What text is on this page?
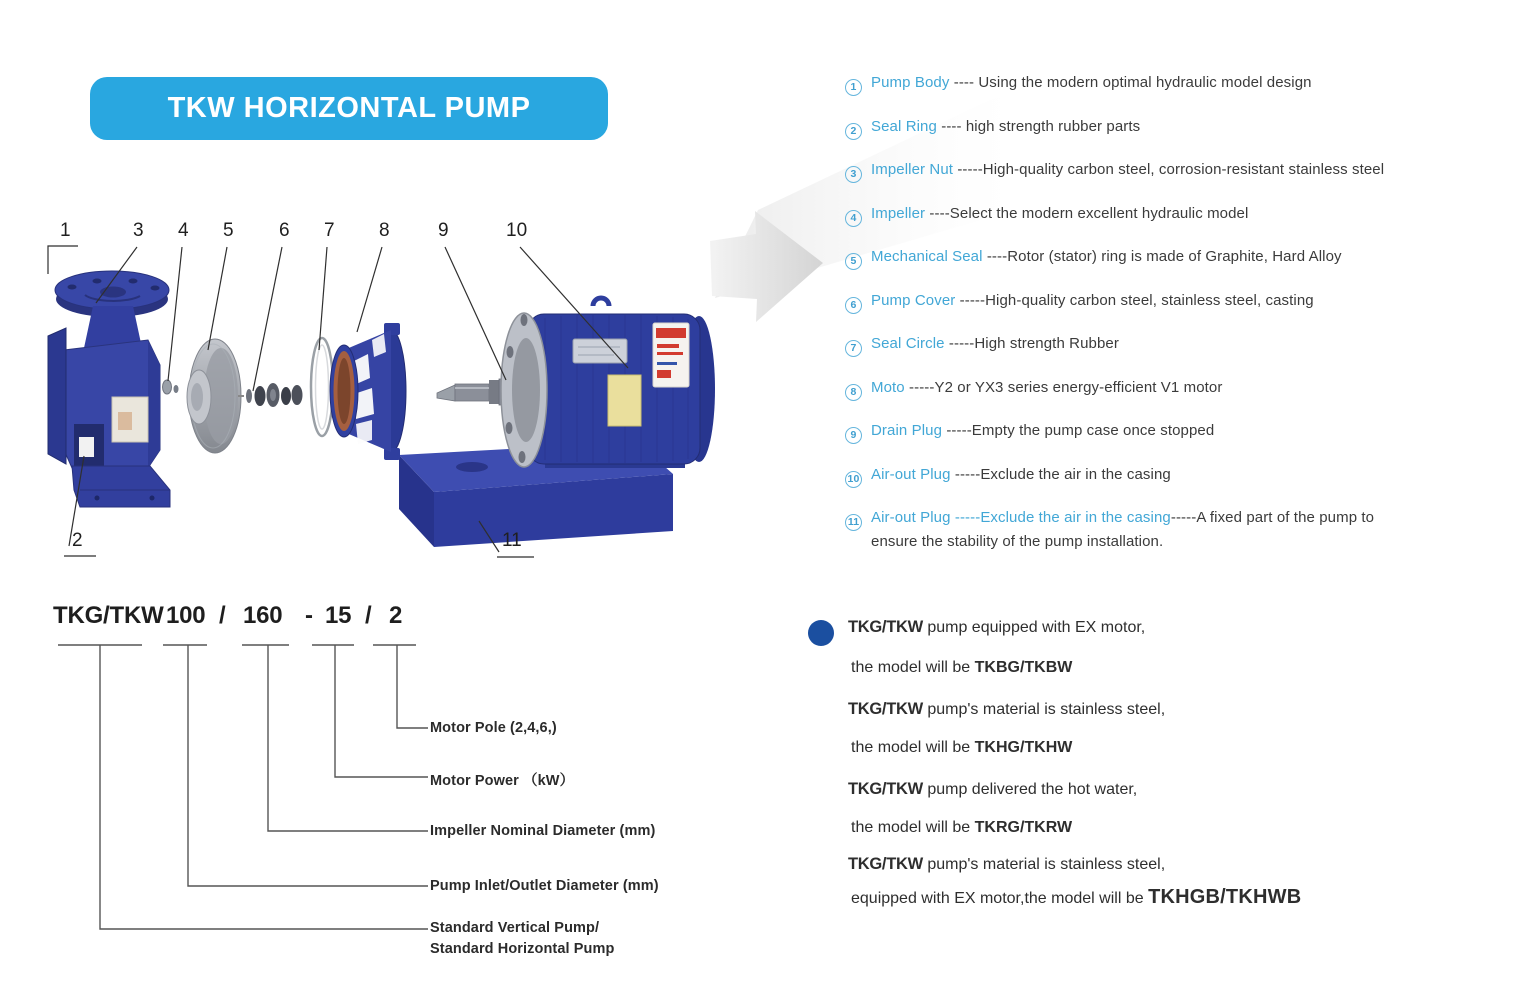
TKW HORIZONTAL PUMP
1
2
3 4 5 6 7 8	9	10
11
1 Pump Body ---- Using the modern optimal hydraulic model design
2 Seal Ring ---- high strength rubber parts
3 Impeller Nut -----High-quality carbon steel, corrosion-resistant stainless steel
4 Impeller ----Select the modern excellent hydraulic model
5 Mechanical Seal ----Rotor (stator) ring is made of Graphite, Hard Alloy
6 Pump Cover -----High-quality carbon steel, stainless steel, casting
7 Seal Circle -----High strength Rubber
8 Moto -----Y2 or YX3 series energy-efficient V1 motor
9 Drain Plug -----Empty the pump case once stopped
10 Air-out Plug -----Exclude the air in the casing
11 Air-out Plug -----Exclude the air in the casing-----A fixed part of the pump to
ensure the stability of the pump installation.
TKG/TKW 100 / 160 - 15 / 2
Motor Pole (2,4,6,)
Motor Power （kW）
Impeller Nominal Diameter (mm)
Pump Inlet/Outlet Diameter (mm)
Standard Vertical Pump/
Standard Horizontal Pump
TKG/TKW pump equipped with EX motor,
the model will be TKBG/TKBW
TKG/TKW pump's material is stainless steel,
the model will be TKHG/TKHW
TKG/TKW pump delivered the hot water,
the model will be TKRG/TKRW
TKG/TKW pump's material is stainless steel,
equipped with EX motor,the model will be TKHGB/TKHWB
